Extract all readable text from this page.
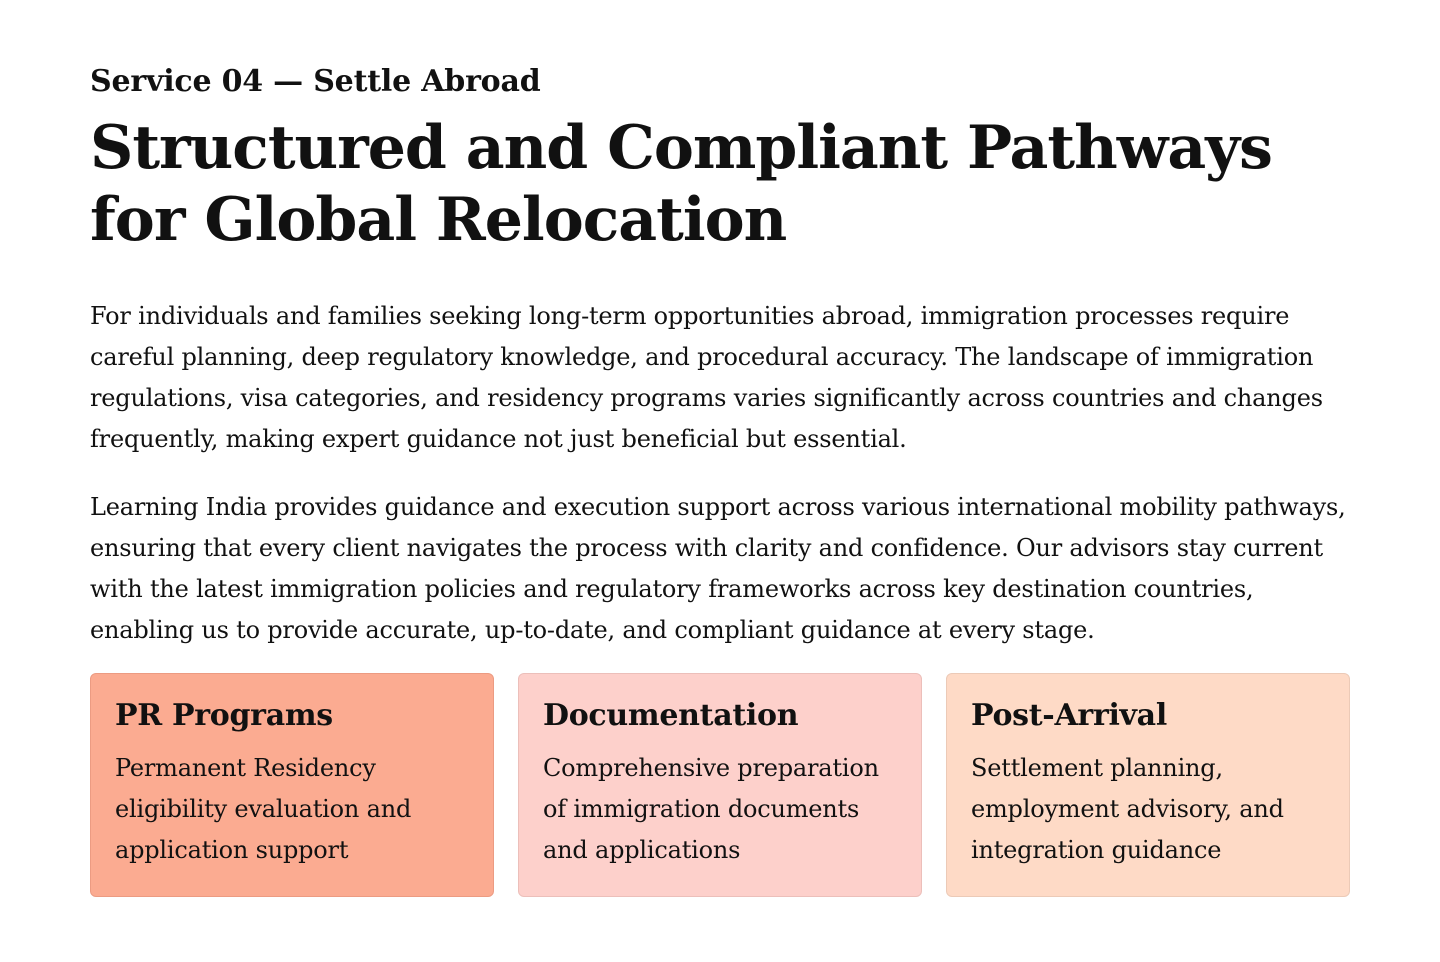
Service 04 — Settle Abroad
Structured and Compliant Pathways for Global Relocation

For individuals and families seeking long-term opportunities abroad, immigration processes require careful planning, deep regulatory knowledge, and procedural accuracy. The landscape of immigration regulations, visa categories, and residency programs varies significantly across countries and changes frequently, making expert guidance not just beneficial but essential.

Learning India provides guidance and execution support across various international mobility pathways, ensuring that every client navigates the process with clarity and confidence. Our advisors stay current with the latest immigration policies and regulatory frameworks across key destination countries, enabling us to provide accurate, up-to-date, and compliant guidance at every stage.

PR Programs

Permanent Residency eligibility evaluation and application support

Documentation

Comprehensive preparation of immigration documents and applications

Post-Arrival

Settlement planning, employment advisory, and integration guidance
